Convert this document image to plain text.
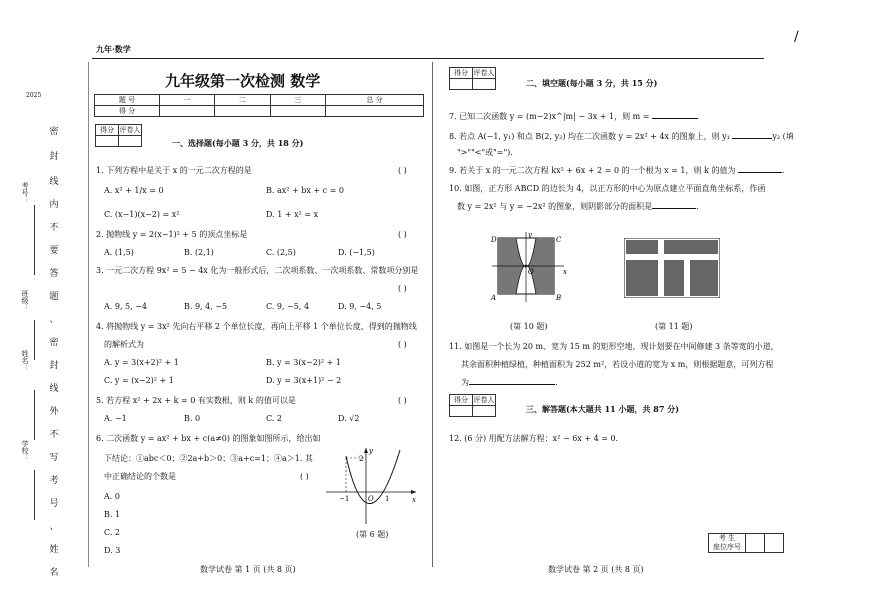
九年·数学
/
2025
密
封
线
内
不
要
答
题
、
密
封
线
外
不
写
考
号
、
姓
名
考号：
班级：
姓名：
学校：
九年级第一次检测 数学
题 号	一	二	三	总 分
得 分				
得分	评卷人

一、选择题(每小题 3 分，共 18 分)
1. 下列方程中是关于 x 的一元二次方程的是	( )
A. x² + 1/x = 0	B. ax² + bx + c = 0
C. (x−1)(x−2) = x²	D. 1 + x² = x
2. 抛物线 y = 2(x−1)² + 5 的顶点坐标是	( )
A. (1,5)	B. (2,1)	C. (2,5)	D. (−1,5)
3. 一元二次方程 9x² = 5 − 4x 化为一般形式后，二次项系数、一次项系数、常数项分别是
( )
A. 9, 5, −4	B. 9, 4, −5	C. 9, −5, 4	D. 9, −4, 5
4. 将抛物线 y = 3x² 先向右平移 2 个单位长度，再向上平移 1 个单位长度，得到的抛物线
的解析式为	( )
A. y = 3(x+2)² + 1	B. y = 3(x−2)² + 1
C. y = (x−2)² + 1	D. y = 3(x+1)² − 2
5. 若方程 x² + 2x + k = 0 有实数根，则 k 的值可以是	( )
A. −1	B. 0	C. 2	D. √2
6. 二次函数 y = ax² + bx + c(a≠0) 的图象如图所示，给出如
下结论：①abc＜0；②2a+b＞0；③a+c=1；④a＞1. 其
中正确结论的个数是	( )
A. 0
B. 1
C. 2
D. 3
y
x
O
2
−1	1
(第 6 题)
数学试卷 第 1 页 (共 8 页)
得分	评卷人

二、填空题(每小题 3 分，共 15 分)
7. 已知二次函数 y = (m−2)x^|m| − 3x + 1，则 m =
8. 若点 A(−1, y₁) 和点 B(2, y₂) 均在二次函数 y = 2x² + 4x 的图象上，则 y₁	y₂ (填
">""<"或"=").
9. 若关于 x 的一元二次方程 kx² + 6x + 2 = 0 的一个根为 x = 1，则 k 的值为	.
10. 如图，正方形 ABCD 的边长为 4，以正方形的中心为原点建立平面直角坐标系，作函
数 y = 2x² 与 y = −2x² 的图象，则阴影部分的面积是	.
D	C
A	B
O	x
y
(第 10 题)	(第 11 题)
11. 如图是一个长为 20 m、宽为 15 m 的矩形空地，现计划要在中间修建 3 条等宽的小道，
其余面积种植绿植，种植面积为 252 m²，若设小道的宽为 x m，则根据题意，可列方程
为	.
得分	评卷人

三、解答题(本大题共 11 小题，共 87 分)
12. (6 分) 用配方法解方程：x² − 6x + 4 = 0.
考 生
座位序号		
数学试卷 第 2 页 (共 8 页)
